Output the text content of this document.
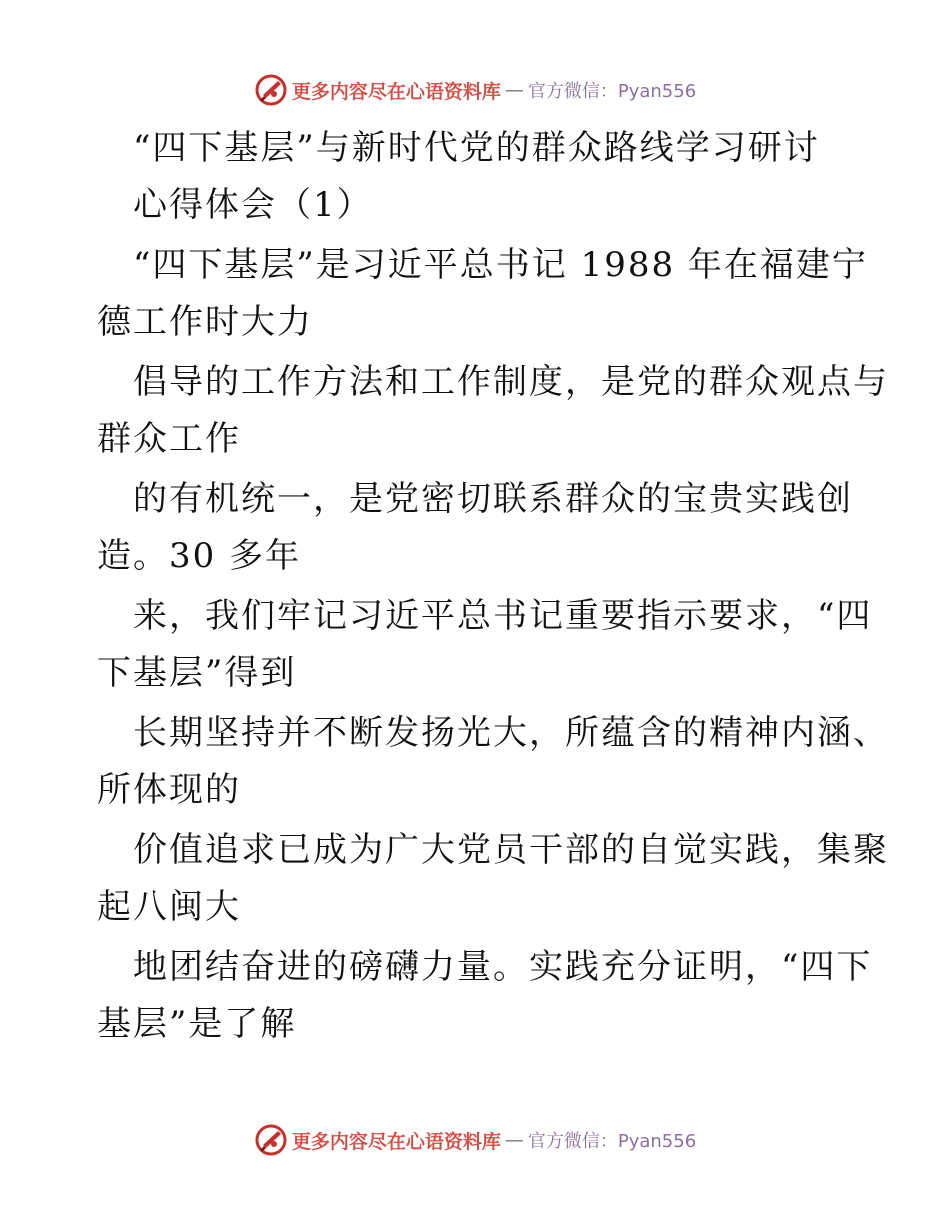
更多内容尽在心语资料库 — 官方微信：Pyan556
“四下基层”与新时代党的群众路线学习研讨
心得体会（1）
“四下基层”是习近平总书记 1988 年在福建宁
德工作时大力
倡导的工作方法和工作制度，是党的群众观点与
群众工作
的有机统一，是党密切联系群众的宝贵实践创
造。30 多年
来，我们牢记习近平总书记重要指示要求，“四
下基层”得到
长期坚持并不断发扬光大，所蕴含的精神内涵、
所体现的
价值追求已成为广大党员干部的自觉实践，集聚
起八闽大
地团结奋进的磅礴力量。实践充分证明，“四下
基层”是了解
更多内容尽在心语资料库 — 官方微信：Pyan556
